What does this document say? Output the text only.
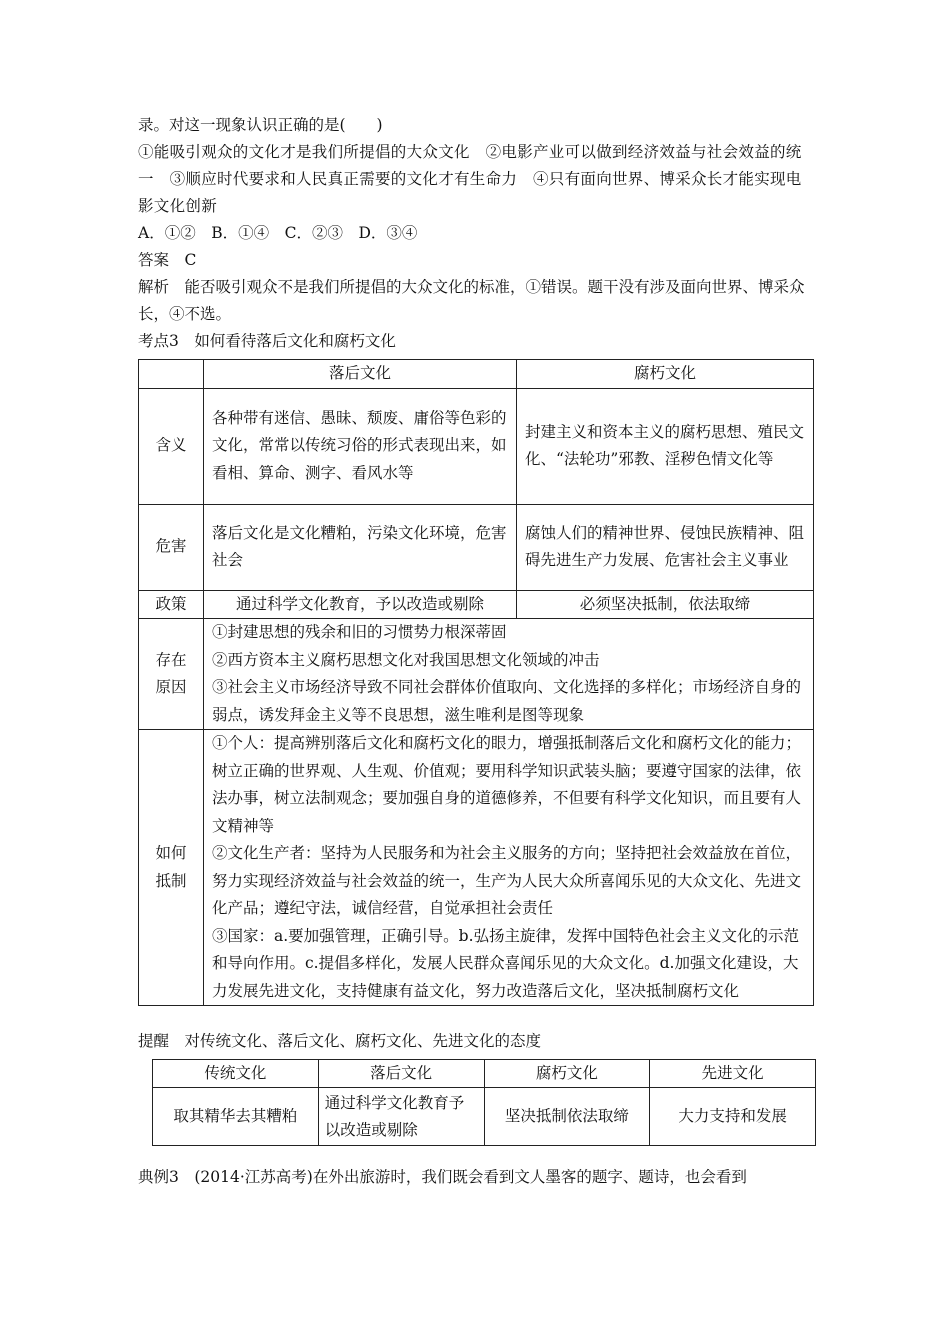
录。对这一现象认识正确的是(　　)

①能吸引观众的文化才是我们所提倡的大众文化　②电影产业可以做到经济效益与社会效益的统一　③顺应时代要求和人民真正需要的文化才有生命力　④只有面向世界、博采众长才能实现电影文化创新

A．①②　B．①④　C．②③　D．③④

答案　C

解析　能否吸引观众不是我们所提倡的大众文化的标准，①错误。题干没有涉及面向世界、博采众长，④不选。

考点3　如何看待落后文化和腐朽文化

	落后文化	腐朽文化
含义	各种带有迷信、愚昧、颓废、庸俗等色彩的文化，常常以传统习俗的形式表现出来，如看相、算命、测字、看风水等	封建主义和资本主义的腐朽思想、殖民文化、“法轮功”邪教、淫秽色情文化等
危害	落后文化是文化糟粕，污染文化环境，危害社会	腐蚀人们的精神世界、侵蚀民族精神、阻碍先进生产力发展、危害社会主义事业
政策	通过科学文化教育，予以改造或剔除	必须坚决抵制，依法取缔

存在
原因	①封建思想的残余和旧的习惯势力根深蒂固
②西方资本主义腐朽思想文化对我国思想文化领域的冲击
③社会主义市场经济导致不同社会群体价值取向、文化选择的多样化；市场经济自身的弱点，诱发拜金主义等不良思想，滋生唯利是图等现象	

如何
抵制	①个人：提高辨别落后文化和腐朽文化的眼力，增强抵制落后文化和腐朽文化的能力；树立正确的世界观、人生观、价值观；要用科学知识武装头脑；要遵守国家的法律，依法办事，树立法制观念；要加强自身的道德修养，不但要有科学文化知识，而且要有人文精神等
②文化生产者：坚持为人民服务和为社会主义服务的方向；坚持把社会效益放在首位，努力实现经济效益与社会效益的统一，生产为人民大众所喜闻乐见的大众文化、先进文化产品；遵纪守法，诚信经营，自觉承担社会责任
③国家：a.要加强管理，正确引导。b.弘扬主旋律，发挥中国特色社会主义文化的示范和导向作用。c.提倡多样化，发展人民群众喜闻乐见的大众文化。d.加强文化建设，大力发展先进文化，支持健康有益文化，努力改造落后文化，坚决抵制腐朽文化	

提醒　对传统文化、落后文化、腐朽文化、先进文化的态度

传统文化	落后文化	腐朽文化	先进文化
取其精华去其糟粕	通过科学文化教育予以改造或剔除	坚决抵制依法取缔	大力支持和发展

典例3　(2014·江苏高考)在外出旅游时，我们既会看到文人墨客的题字、题诗，也会看到
